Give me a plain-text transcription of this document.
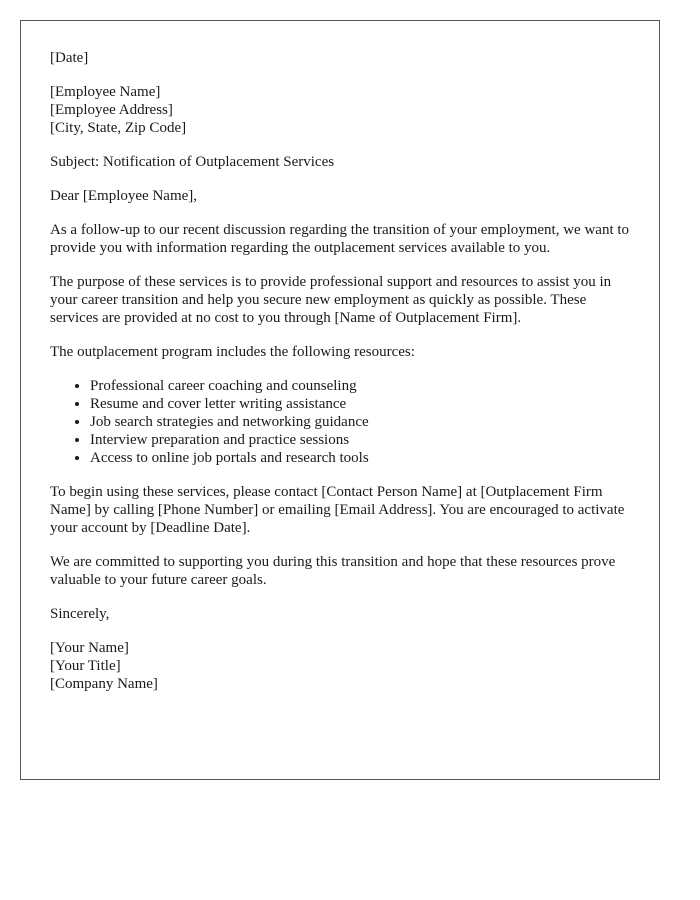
[Date]

[Employee Name]
[Employee Address]
[City, State, Zip Code]

Subject: Notification of Outplacement Services

Dear [Employee Name],

As a follow-up to our recent discussion regarding the transition of your employment, we want to provide you with information regarding the outplacement services available to you.

The purpose of these services is to provide professional support and resources to assist you in your career transition and help you secure new employment as quickly as possible. These services are provided at no cost to you through [Name of Outplacement Firm].

The outplacement program includes the following resources:

• Professional career coaching and counseling
• Resume and cover letter writing assistance
• Job search strategies and networking guidance
• Interview preparation and practice sessions
• Access to online job portals and research tools

To begin using these services, please contact [Contact Person Name] at [Outplacement Firm Name] by calling [Phone Number] or emailing [Email Address]. You are encouraged to activate your account by [Deadline Date].

We are committed to supporting you during this transition and hope that these resources prove valuable to your future career goals.

Sincerely,

[Your Name]
[Your Title]
[Company Name]
